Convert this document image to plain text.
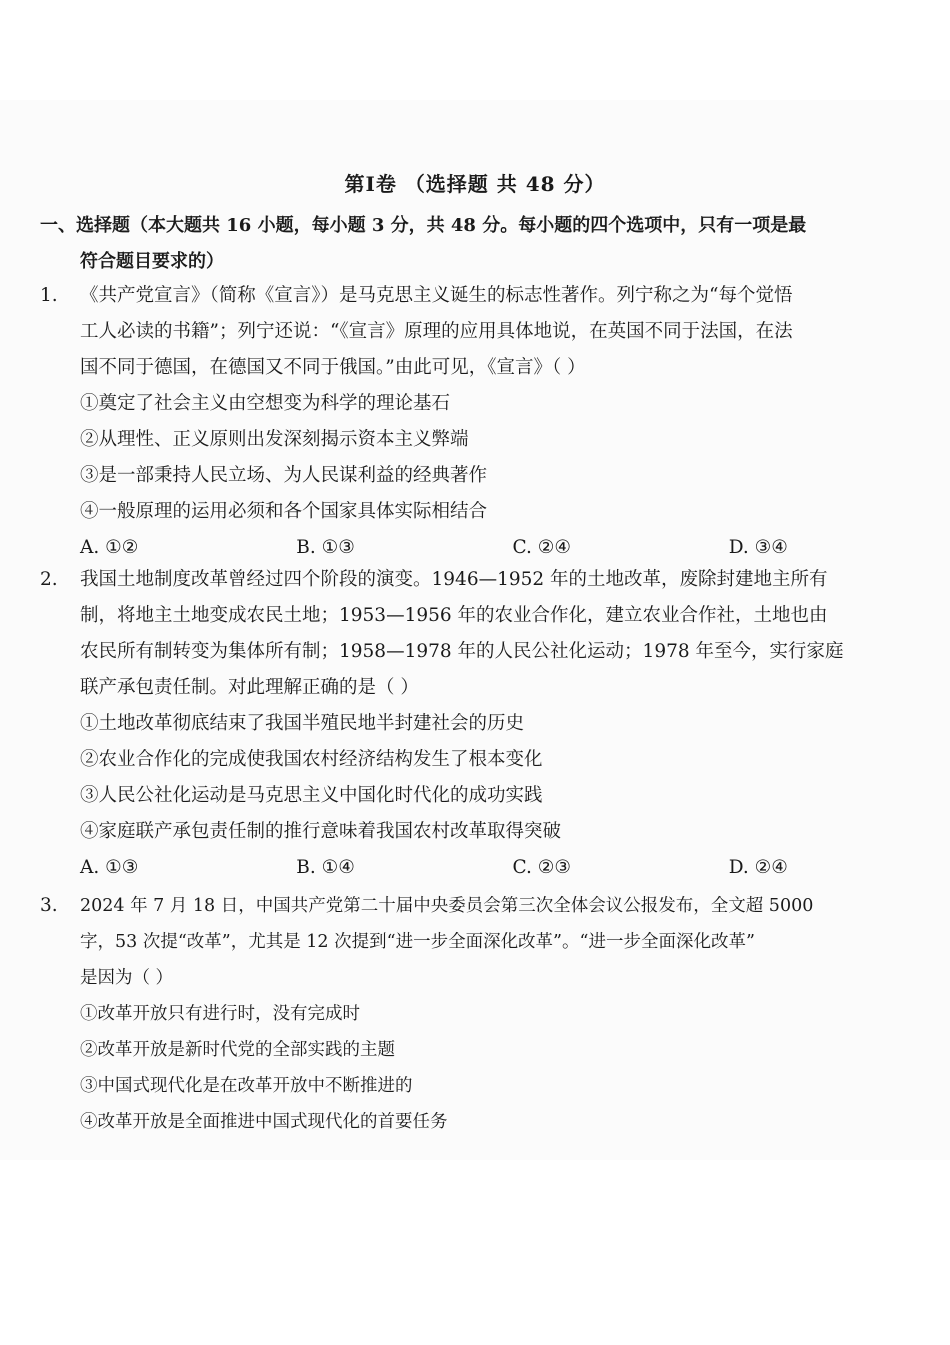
第Ⅰ卷 （选择题 共 48 分）
一、选择题（本大题共 16 小题，每小题 3 分，共 48 分。每小题的四个选项中，只有一项是最
符合题目要求的）
1. 《共产党宣言》（简称《宣言》）是马克思主义诞生的标志性著作。列宁称之为“每个觉悟
工人必读的书籍”；列宁还说：“《宣言》原理的应用具体地说，在英国不同于法国，在法
国不同于德国，在德国又不同于俄国。”由此可见，《宣言》（ ）
①奠定了社会主义由空想变为科学的理论基石
②从理性、正义原则出发深刻揭示资本主义弊端
③是一部秉持人民立场、为人民谋利益的经典著作
④一般原理的运用必须和各个国家具体实际相结合
A. ①②	B. ①③	C. ②④	D. ③④
2. 我国土地制度改革曾经过四个阶段的演变。1946—1952 年的土地改革，废除封建地主所有
制，将地主土地变成农民土地；1953—1956 年的农业合作化，建立农业合作社，土地也由
农民所有制转变为集体所有制；1958—1978 年的人民公社化运动；1978 年至今，实行家庭
联产承包责任制。对此理解正确的是（ ）
①土地改革彻底结束了我国半殖民地半封建社会的历史
②农业合作化的完成使我国农村经济结构发生了根本变化
③人民公社化运动是马克思主义中国化时代化的成功实践
④家庭联产承包责任制的推行意味着我国农村改革取得突破
A. ①③	B. ①④	C. ②③	D. ②④
3. 2024 年 7 月 18 日，中国共产党第二十届中央委员会第三次全体会议公报发布，全文超 5000
字，53 次提“改革”，尤其是 12 次提到“进一步全面深化改革”。“进一步全面深化改革”
是因为（ ）
①改革开放只有进行时，没有完成时
②改革开放是新时代党的全部实践的主题
③中国式现代化是在改革开放中不断推进的
④改革开放是全面推进中国式现代化的首要任务
